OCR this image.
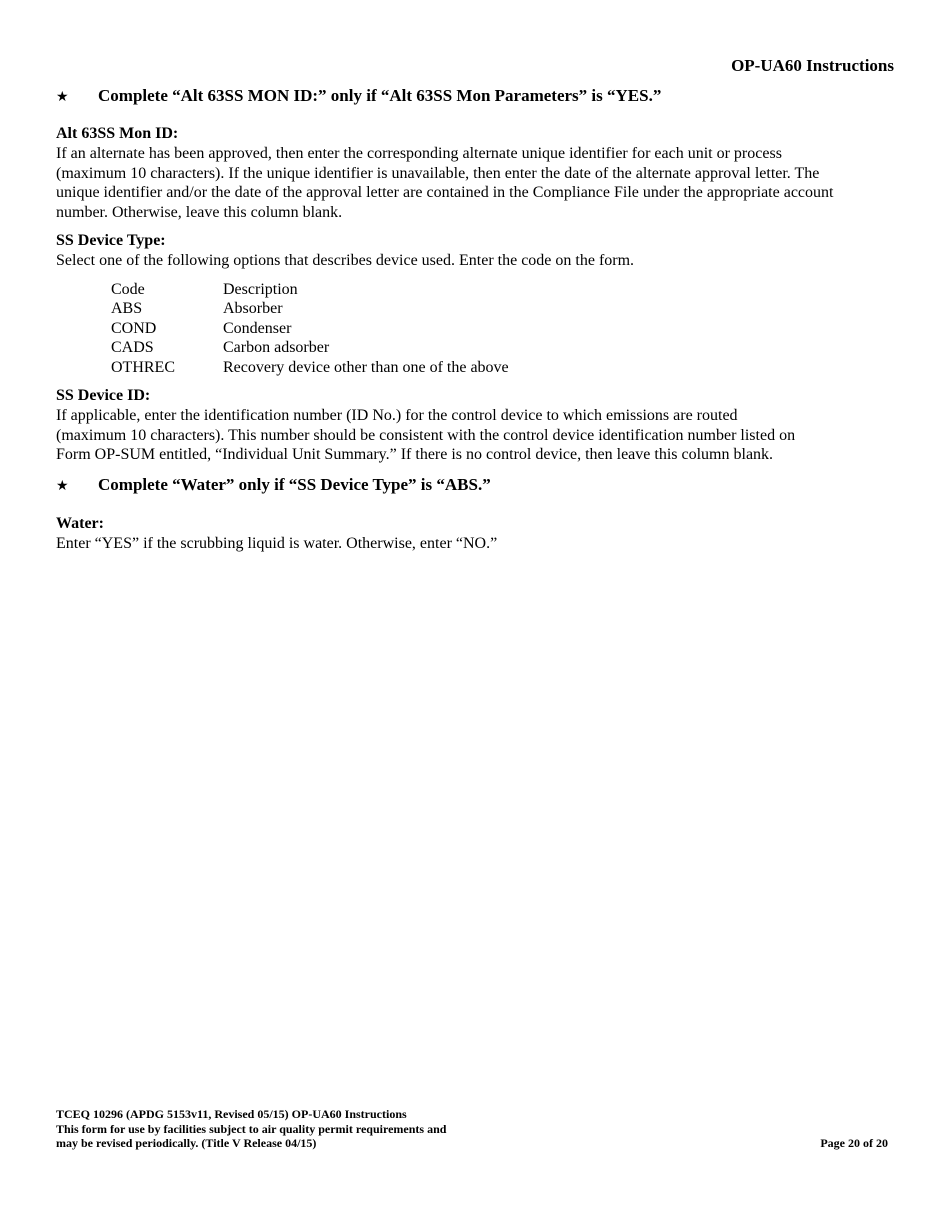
OP-UA60 Instructions
★	Complete “Alt 63SS MON ID:” only if “Alt 63SS Mon Parameters” is “YES.”
Alt 63SS Mon ID:

If an alternate has been approved, then enter the corresponding alternate unique identifier for each unit or process
(maximum 10 characters). If the unique identifier is unavailable, then enter the date of the alternate approval letter. The
unique identifier and/or the date of the approval letter are contained in the Compliance File under the appropriate account
number. Otherwise, leave this column blank.

SS Device Type:

Select one of the following options that describes device used. Enter the code on the form.

Code	Description
ABS	Absorber
COND	Condenser
CADS	Carbon adsorber
OTHREC	Recovery device other than one of the above
SS Device ID:

If applicable, enter the identification number (ID No.) for the control device to which emissions are routed
(maximum 10 characters). This number should be consistent with the control device identification number listed on
Form OP-SUM entitled, “Individual Unit Summary.” If there is no control device, then leave this column blank.

★	Complete “Water” only if “SS Device Type” is “ABS.”
Water:

Enter “YES” if the scrubbing liquid is water. Otherwise, enter “NO.”

TCEQ 10296 (APDG 5153v11, Revised 05/15) OP-UA60 Instructions
This form for use by facilities subject to air quality permit requirements and
may be revised periodically. (Title V Release 04/15)	Page 20 of 20
